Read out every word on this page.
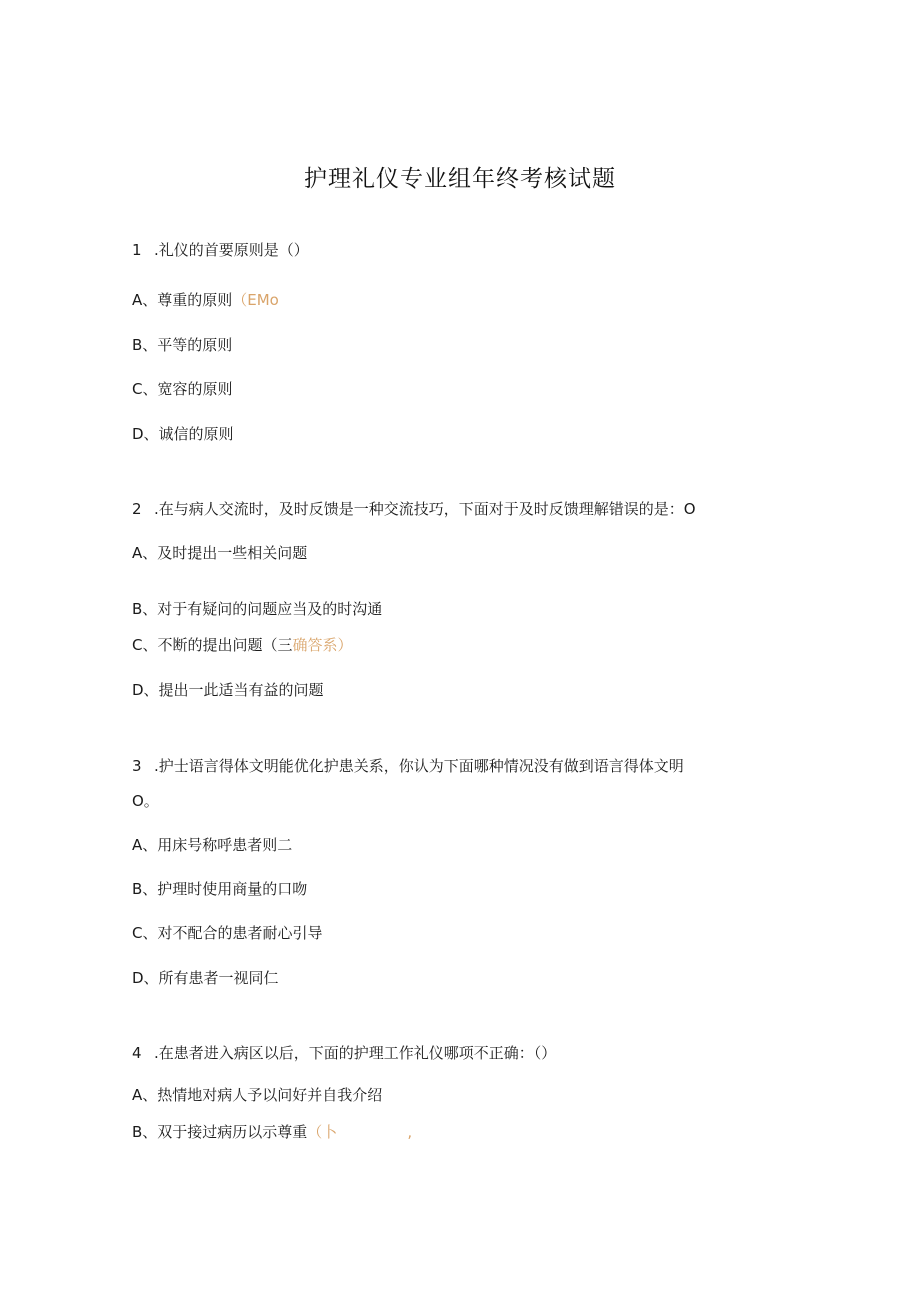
护理礼仪专业组年终考核试题
1 .礼仪的首要原则是（）
A、尊重的原则（EMo
B、平等的原则
C、宽容的原则
D、诚信的原则
2 .在与病人交流时，及时反馈是一种交流技巧，下面对于及时反馈理解错误的是：O
A、及时提出一些相关问题
B、对于有疑问的问题应当及的时沟通
C、不断的提出问题（三确答系）
D、提出一此适当有益的问题
3 .护士语言得体文明能优化护患关系，你认为下面哪种情况没有做到语言得体文明
O。
A、用床号称呼患者则二
B、护理时使用商量的口吻
C、对不配合的患者耐心引导
D、所有患者一视同仁
4 .在患者进入病区以后，下面的护理工作礼仪哪项不正确：（）
A、热情地对病人予以问好并自我介绍
B、双于接过病历以示尊重（卜	,
